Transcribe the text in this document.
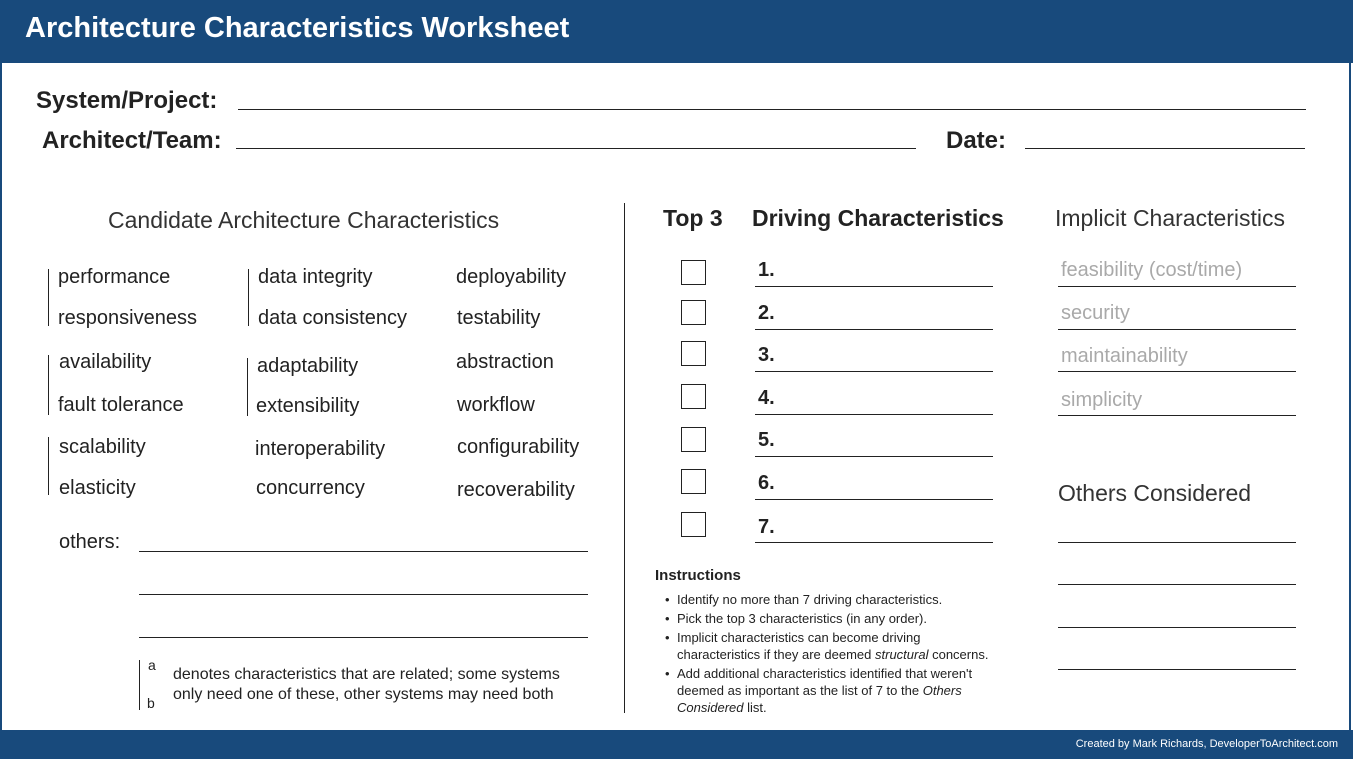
Architecture Characteristics Worksheet
Created by Mark Richards, DeveloperToArchitect.com
System/Project:
Architect/Team:	Date:
Candidate Architecture Characteristics
performance
responsiveness
availability
fault tolerance
scalability
elasticity
data integrity
data consistency
adaptability
extensibility
interoperability
concurrency
deployability
testability
abstraction
workflow
configurability
recoverability
others:
a
b
denotes characteristics that are related; some systems
only need one of these, other systems may need both
Top 3 Driving Characteristics
1.
2.
3.
4.
5.
6.
7.
Instructions
• Identify no more than 7 driving characteristics.
• Pick the top 3 characteristics (in any order).
• Implicit characteristics can become driving
characteristics if they are deemed structural concerns.
• Add additional characteristics identified that weren't
deemed as important as the list of 7 to the Others
Considered list.
Implicit Characteristics
feasibility (cost/time)
security
maintainability
simplicity
Others Considered
